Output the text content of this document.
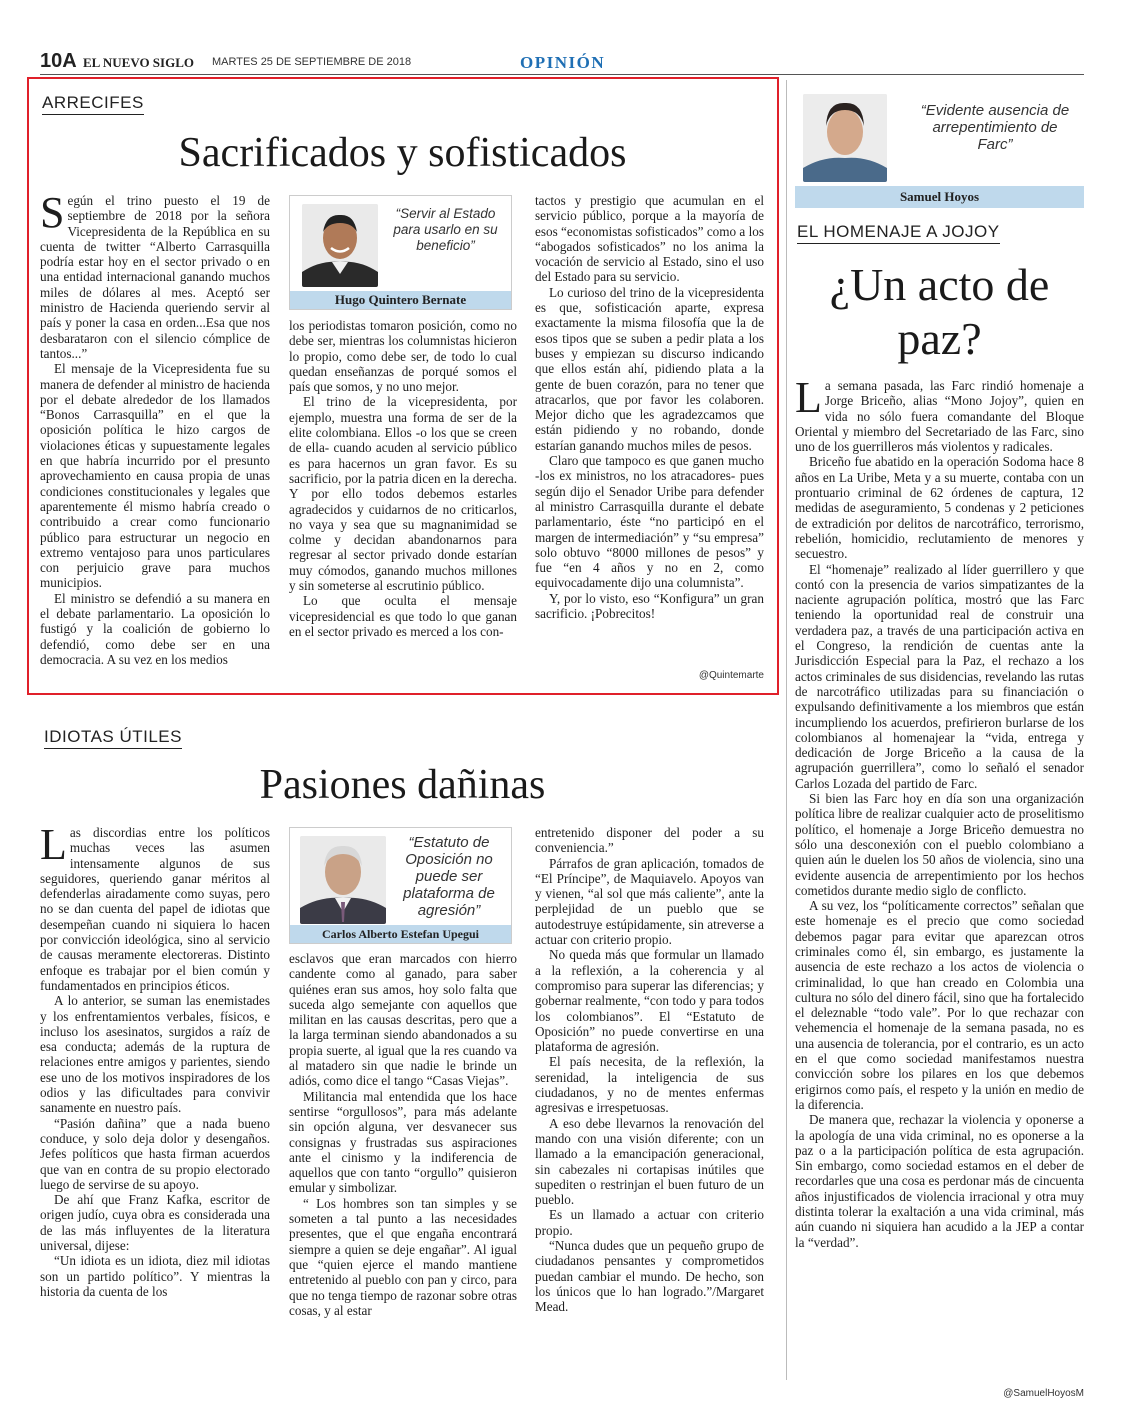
10A EL NUEVO SIGLO MARTES 25 DE SEPTIEMBRE DE 2018	OPINIÓN
ARRECIFES
Sacrificados y sofisticados

Según el trino puesto el 19 de septiembre de 2018 por la señora Vicepresidenta de la República en su cuenta de twitter “Alberto Carrasquilla podría estar hoy en el sector privado o en una entidad internacional ganando muchos miles de dólares al mes. Aceptó ser ministro de Hacienda queriendo servir al país y poner la casa en orden...Esa que nos desbarataron con el silencio cómplice de tantos...”

El mensaje de la Vicepresidenta fue su manera de defender al ministro de hacienda por el debate alrededor de los llamados “Bonos Carrasquilla” en el que la oposición política le hizo cargos de violaciones éticas y supuestamente legales en que habría incurrido por el presunto aprovechamiento en causa propia de unas condiciones constitucionales y legales que aparentemente él mismo habría creado o contribuido a crear como funcionario público para estructurar un negocio en extremo ventajoso para unos particulares con perjuicio grave para muchos municipios.

El ministro se defendió a su manera en el debate parlamentario. La oposición lo fustigó y la coalición de gobierno lo defendió, como debe ser en una democracia. A su vez en los medios

“Servir al Estado para usarlo en su beneficio”
Hugo Quintero Bernate

los periodistas tomaron posición, como no debe ser, mientras los columnistas hicieron lo propio, como debe ser, de todo lo cual quedan enseñanzas de porqué somos el país que somos, y no uno mejor.

El trino de la vicepresidenta, por ejemplo, muestra una forma de ser de la elite colombiana. Ellos -o los que se creen de ella- cuando acuden al servicio público es para hacernos un gran favor. Es su sacrificio, por la patria dicen en la derecha. Y por ello todos debemos estarles agradecidos y cuidarnos de no criticarlos, no vaya y sea que su magnanimidad se colme y decidan abandonarnos para regresar al sector privado donde estarían muy cómodos, ganando muchos millones y sin someterse al escrutinio público.

Lo que oculta el mensaje vicepresidencial es que todo lo que ganan en el sector privado es merced a los con-

tactos y prestigio que acumulan en el servicio público, porque a la mayoría de esos “economistas sofisticados” como a los “abogados sofisticados” no los anima la vocación de servicio al Estado, sino el uso del Estado para su servicio.

Lo curioso del trino de la vicepresidenta es que, sofisticación aparte, expresa exactamente la misma filosofía que la de esos tipos que se suben a pedir plata a los buses y empiezan su discurso indicando que ellos están ahí, pidiendo plata a la gente de buen corazón, para no tener que atracarlos, que por favor les colaboren. Mejor dicho que les agradezcamos que están pidiendo y no robando, donde estarían ganando muchos miles de pesos.

Claro que tampoco es que ganen mucho -los ex ministros, no los atracadores- pues según dijo el Senador Uribe para defender al ministro Carrasquilla durante el debate parlamentario, éste “no participó en el margen de intermediación” y “su empresa” solo obtuvo “8000 millones de pesos” y fue “en 4 años y no en 2, como equivocadamente dijo una columnista”.

Y, por lo visto, eso “Konfigura” un gran sacrificio. ¡Pobrecitos!

@Quintemarte
IDIOTAS ÚTILES
Pasiones dañinas

Las discordias entre los políticos muchas veces las asumen intensamente algunos de sus seguidores, queriendo ganar méritos al defenderlas airadamente como suyas, pero no se dan cuenta del papel de idiotas que desempeñan cuando ni siquiera lo hacen por convicción ideológica, sino al servicio de causas meramente electoreras. Distinto enfoque es trabajar por el bien común y fundamentados en principios éticos.

A lo anterior, se suman las enemistades y los enfrentamientos verbales, físicos, e incluso los asesinatos, surgidos a raíz de esa conducta; además de la ruptura de relaciones entre amigos y parientes, siendo ese uno de los motivos inspiradores de los odios y las dificultades para convivir sanamente en nuestro país.

“Pasión dañina” que a nada bueno conduce, y solo deja dolor y desengaños. Jefes políticos que hasta firman acuerdos que van en contra de su propio electorado luego de servirse de su apoyo.

De ahí que Franz Kafka, escritor de origen judío, cuya obra es considerada una de las más influyentes de la literatura universal, dijese:

“Un idiota es un idiota, diez mil idiotas son un partido político”. Y mientras la historia da cuenta de los

“Estatuto de Oposición no puede ser plataforma de agresión”
Carlos Alberto Estefan Upegui

esclavos que eran marcados con hierro candente como al ganado, para saber quiénes eran sus amos, hoy solo falta que suceda algo semejante con aquellos que militan en las causas descritas, pero que a la larga terminan siendo abandonados a su propia suerte, al igual que la res cuando va al matadero sin que nadie le brinde un adiós, como dice el tango “Casas Viejas”.

Militancia mal entendida que los hace sentirse “orgullosos”, para más adelante sin opción alguna, ver desvanecer sus consignas y frustradas sus aspiraciones ante el cinismo y la indiferencia de aquellos que con tanto “orgullo” quisieron emular y simbolizar.

“ Los hombres son tan simples y se someten a tal punto a las necesidades presentes, que el que engaña encontrará siempre a quien se deje engañar”. Al igual que “quien ejerce el mando mantiene entretenido al pueblo con pan y circo, para que no tenga tiempo de razonar sobre otras cosas, y al estar

entretenido disponer del poder a su conveniencia.”

Párrafos de gran aplicación, tomados de “El Príncipe”, de Maquiavelo. Apoyos van y vienen, “al sol que más caliente”, ante la perplejidad de un pueblo que se autodestruye estúpidamente, sin atreverse a actuar con criterio propio.

No queda más que formular un llamado a la reflexión, a la coherencia y al compromiso para superar las diferencias; y gobernar realmente, “con todo y para todos los colombianos”. El “Estatuto de Oposición” no puede convertirse en una plataforma de agresión.

El país necesita, de la reflexión, la serenidad, la inteligencia de sus ciudadanos, y no de mentes enfermas agresivas e irrespetuosas.

A eso debe llevarnos la renovación del mando con una visión diferente; con un llamado a la emancipación generacional, sin cabezales ni cortapisas inútiles que supediten o restrinjan el buen futuro de un pueblo.

Es un llamado a actuar con criterio propio.

“Nunca dudes que un pequeño grupo de ciudadanos pensantes y comprometidos puedan cambiar el mundo. De hecho, son los únicos que lo han logrado.”/Margaret Mead.

“Evidente ausencia de arrepentimiento de Farc”
Samuel Hoyos
EL HOMENAJE A JOJOY
¿Un acto de
paz?

La semana pasada, las Farc rindió homenaje a Jorge Briceño, alias “Mono Jojoy”, quien en vida no sólo fuera comandante del Bloque Oriental y miembro del Secretariado de las Farc, sino uno de los guerrilleros más violentos y radicales.

Briceño fue abatido en la operación Sodoma hace 8 años en La Uribe, Meta y a su muerte, contaba con un prontuario criminal de 62 órdenes de captura, 12 medidas de aseguramiento, 5 condenas y 2 peticiones de extradición por delitos de narcotráfico, terrorismo, rebelión, homicidio, reclutamiento de menores y secuestro.

El “homenaje” realizado al líder guerrillero y que contó con la presencia de varios simpatizantes de la naciente agrupación política, mostró que las Farc teniendo la oportunidad real de construir una verdadera paz, a través de una participación activa en el Congreso, la rendición de cuentas ante la Jurisdicción Especial para la Paz, el rechazo a los actos criminales de sus disidencias, revelando las rutas de narcotráfico utilizadas para su financiación o expulsando definitivamente a los miembros que están incumpliendo los acuerdos, prefirieron burlarse de los colombianos al homenajear la “vida, entrega y dedicación de Jorge Briceño a la causa de la agrupación guerrillera”, como lo señaló el senador Carlos Lozada del partido de Farc.

Si bien las Farc hoy en día son una organización política libre de realizar cualquier acto de proselitismo político, el homenaje a Jorge Briceño demuestra no sólo una desconexión con el pueblo colombiano a quien aún le duelen los 50 años de violencia, sino una evidente ausencia de arrepentimiento por los hechos cometidos durante medio siglo de conflicto.

A su vez, los “políticamente correctos” señalan que este homenaje es el precio que como sociedad debemos pagar para evitar que aparezcan otros criminales como él, sin embargo, es justamente la ausencia de este rechazo a los actos de violencia o criminalidad, lo que han creado en Colombia una cultura no sólo del dinero fácil, sino que ha fortalecido el deleznable “todo vale”. Por lo que rechazar con vehemencia el homenaje de la semana pasada, no es una ausencia de tolerancia, por el contrario, es un acto en el que como sociedad manifestamos nuestra convicción sobre los pilares en los que debemos erigirnos como país, el respeto y la unión en medio de la diferencia.

De manera que, rechazar la violencia y oponerse a la apología de una vida criminal, no es oponerse a la paz o a la participación política de esta agrupación. Sin embargo, como sociedad estamos en el deber de recordarles que una cosa es perdonar más de cincuenta años injustificados de violencia irracional y otra muy distinta tolerar la exaltación a una vida criminal, más aún cuando ni siquiera han acudido a la JEP a contar la “verdad”.

@SamuelHoyosM
